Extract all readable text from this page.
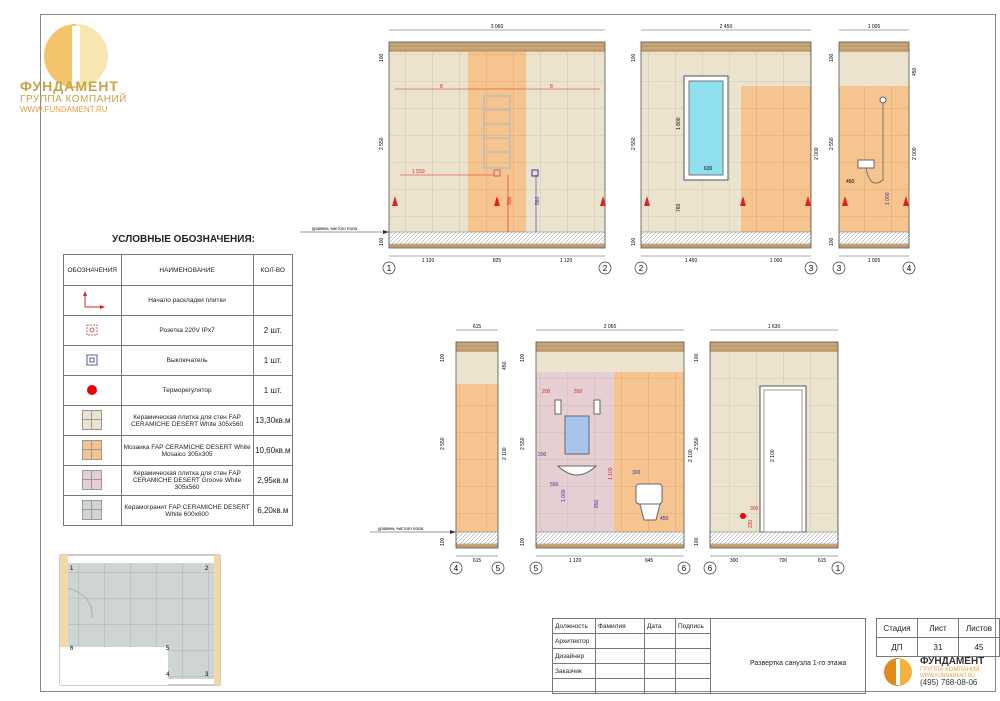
ФУНДАМЕНТ
ГРУППА КОМПАНИЙ
WWW.FUNDAMENT.RU
УСЛОВНЫЕ ОБОЗНАЧЕНИЯ:
ОБОЗНАЧЕНИЯ	НАИМЕНОВАНИЕ	КОЛ-ВО
	Начало раскладки плитки	
	Розетка 220V IPx7	2 шт.
	Выключатель	1 шт.
	Терморегулятор	1 шт.
	Керамическая плитка для стен FAP CERAMICHE DESERT White 305x560	13,30кв.м
	Мозаика FAP CERAMICHE DESERT White Mosaico 305x305	10,60кв.м
	Керамическая плитка для стен FAP CERAMICHE DESERT Groove White 305x560	2,95кв.м
	Керамогранит FAP CERAMICHE DESERT White 600x600	6,20кв.м
3 060
1 120	825	1 120
100
2 550
100
1 550
900	560
8	8
1	2
уровень чистого пола
2 450
1 450	1 000
100
2 550
100
1 800
630
760
2 000
2	3
1 005
1 005
100
2 550
100
450
1 000
2 000
450
3	4
615
615
100
2 550
100
450
2 100
4	5
уровень чистого пола
2 065
1 120	945
100
2 550
100
200	550
200
550
1 000
850
1 100	300
450
2 100
5	6
1 630
300	700	615
100
2 550
100
2 100
300
230
6	1
1	2
3
4
5
6
Должность	Фамилия	Дата	Подпись	
Архитектор				
Дизайнер				
Заказчик				

Развертка санузла 1-го этажа
Стадия	Лист	Листов
ДП	31	45
ФУНДАМЕНТ
ГРУППА КОМПАНИЙ
WWW.FUNDAMENT.RU
(495) 768-08-06
